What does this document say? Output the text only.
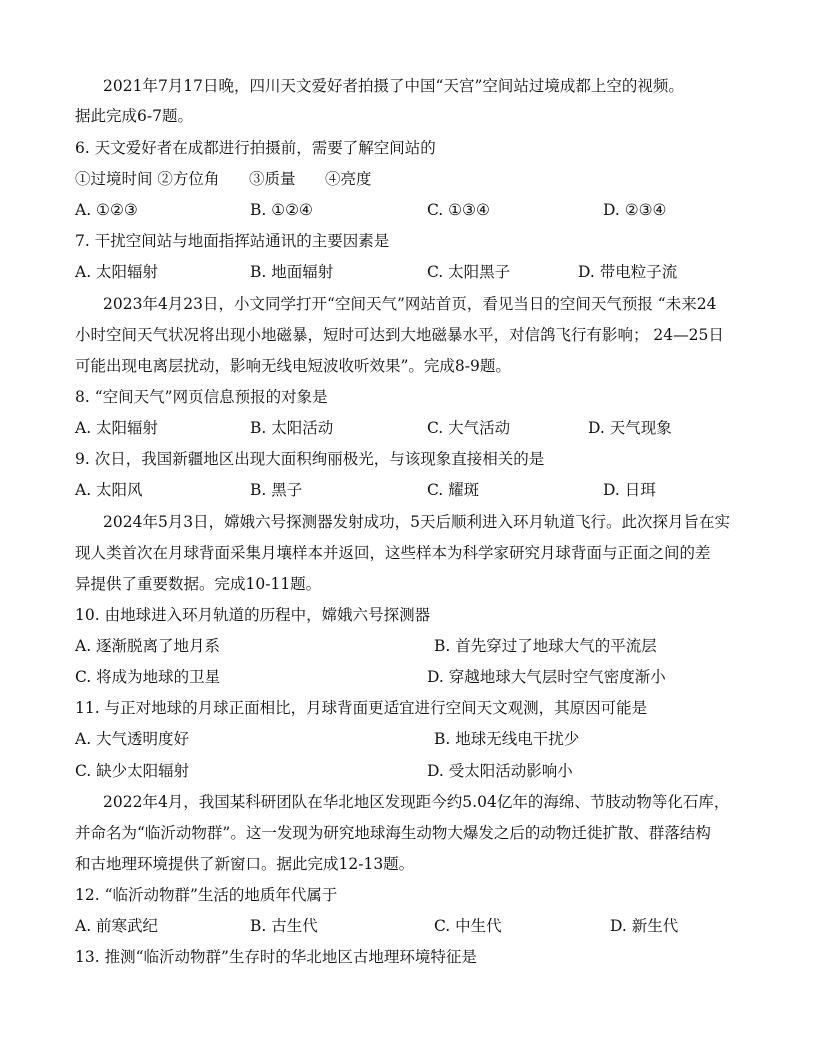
2021年7月17日晚，四川天文爱好者拍摄了中国“天宫”空间站过境成都上空的视频。
据此完成6-7题。
6. 天文爱好者在成都进行拍摄前，需要了解空间站的
①过境时间 ②方位角      ③质量      ④亮度
A. ①②③	B. ①②④	C. ①③④	D. ②③④
7. 干扰空间站与地面指挥站通讯的主要因素是
A. 太阳辐射	B. 地面辐射	C. 太阳黑子	D. 带电粒子流
2023年4月23日，小文同学打开“空间天气”网站首页，看见当日的空间天气预报 “未来24
小时空间天气状况将出现小地磁暴，短时可达到大地磁暴水平，对信鸽飞行有影响； 24—25日
可能出现电离层扰动，影响无线电短波收听效果”。完成8-9题。
8. “空间天气”网页信息预报的对象是
A. 太阳辐射	B. 太阳活动	C. 大气活动	D. 天气现象
9. 次日，我国新疆地区出现大面积绚丽极光，与该现象直接相关的是
A. 太阳风	B. 黑子	C. 耀斑	D. 日珥
2024年5月3日，嫦娥六号探测器发射成功，5天后顺利进入环月轨道飞行。此次探月旨在实
现人类首次在月球背面采集月壤样本并返回，这些样本为科学家研究月球背面与正面之间的差
异提供了重要数据。完成10-11题。
10. 由地球进入环月轨道的历程中，嫦娥六号探测器
A. 逐渐脱离了地月系	B. 首先穿过了地球大气的平流层
C. 将成为地球的卫星	D. 穿越地球大气层时空气密度渐小
11. 与正对地球的月球正面相比，月球背面更适宜进行空间天文观测，其原因可能是
A. 大气透明度好	B. 地球无线电干扰少
C. 缺少太阳辐射	D. 受太阳活动影响小
2022年4月，我国某科研团队在华北地区发现距今约5.04亿年的海绵、节肢动物等化石库，
并命名为“临沂动物群”。这一发现为研究地球海生动物大爆发之后的动物迁徙扩散、群落结构
和古地理环境提供了新窗口。据此完成12-13题。
12. “临沂动物群”生活的地质年代属于
A. 前寒武纪	B. 古生代	C. 中生代	D. 新生代
13. 推测“临沂动物群”生存时的华北地区古地理环境特征是
